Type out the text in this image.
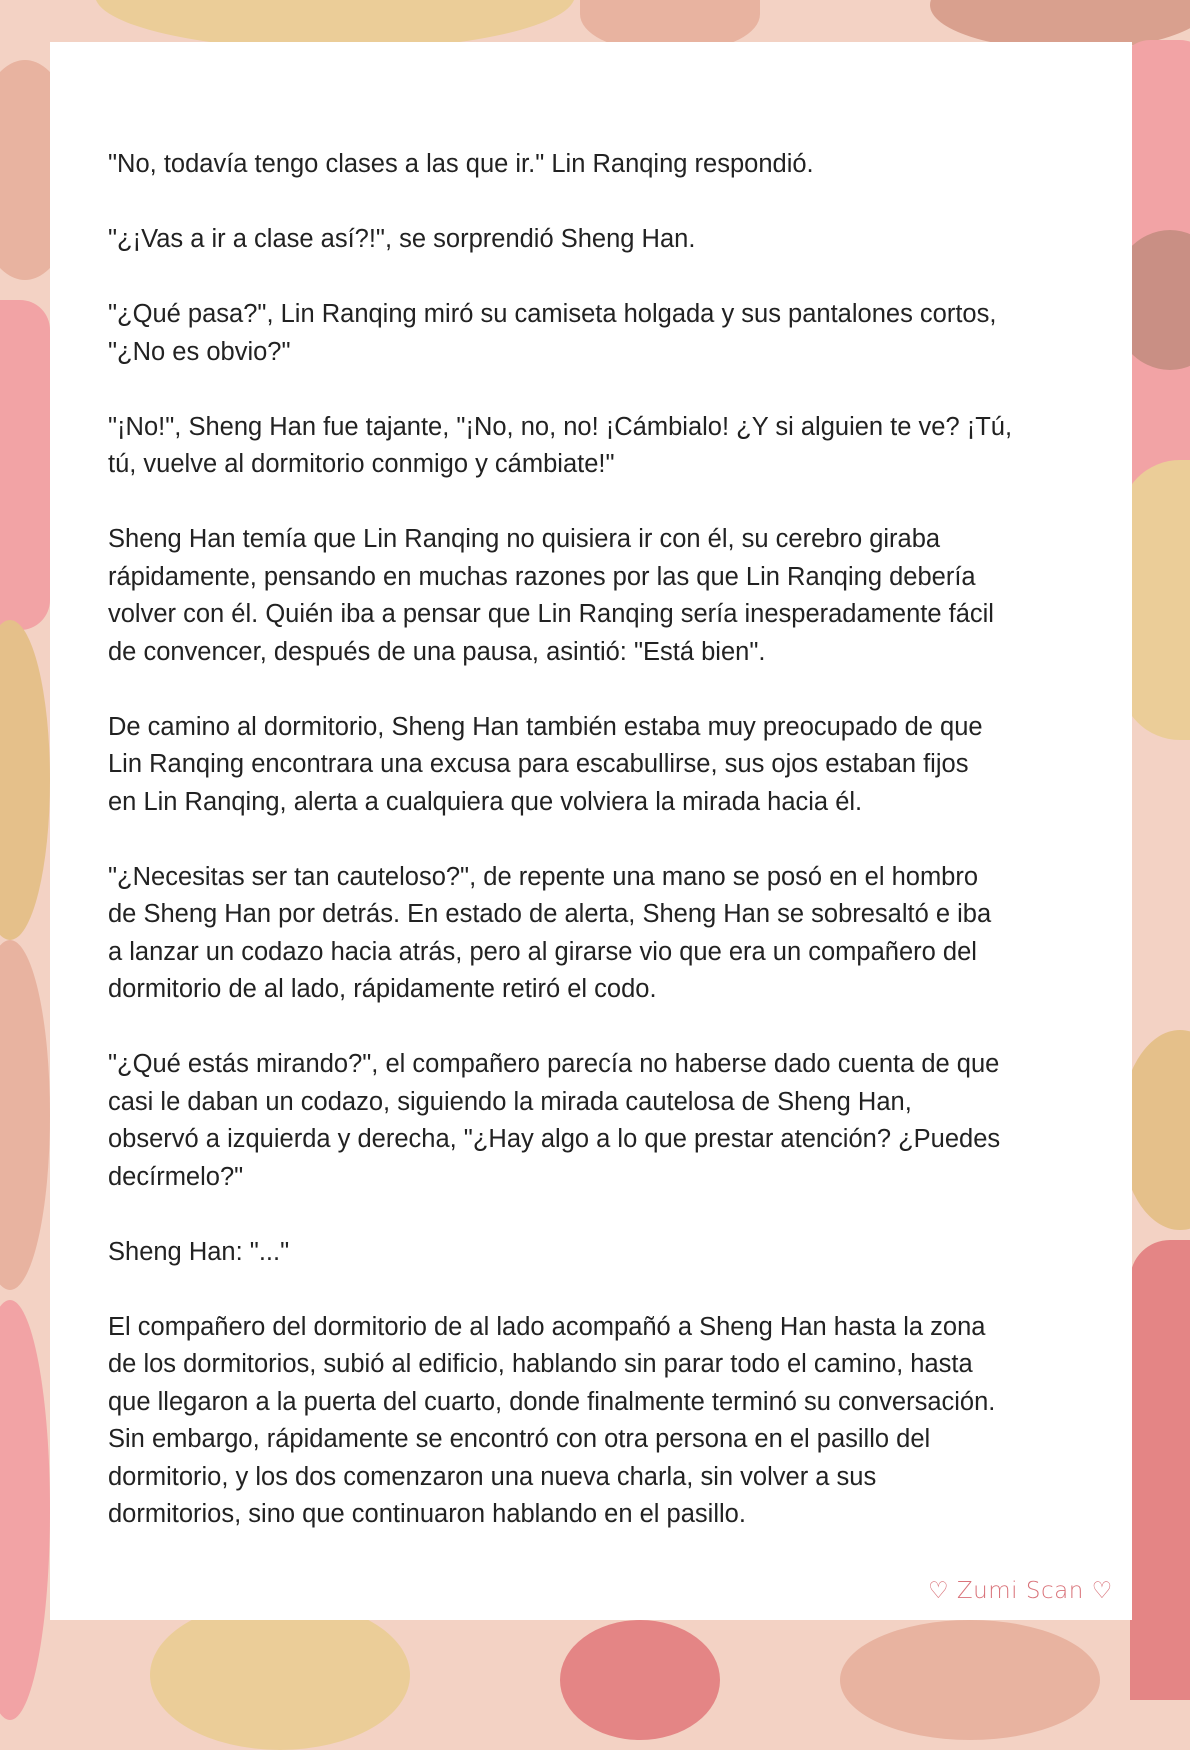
"No, todavía tengo clases a las que ir." Lin Ranqing respondió.

"¿¡Vas a ir a clase así?!", se sorprendió Sheng Han.

"¿Qué pasa?", Lin Ranqing miró su camiseta holgada y sus pantalones cortos,
"¿No es obvio?"

"¡No!", Sheng Han fue tajante, "¡No, no, no! ¡Cámbialo! ¿Y si alguien te ve? ¡Tú,
tú, vuelve al dormitorio conmigo y cámbiate!"

Sheng Han temía que Lin Ranqing no quisiera ir con él, su cerebro giraba
rápidamente, pensando en muchas razones por las que Lin Ranqing debería
volver con él. Quién iba a pensar que Lin Ranqing sería inesperadamente fácil
de convencer, después de una pausa, asintió: "Está bien".

De camino al dormitorio, Sheng Han también estaba muy preocupado de que
Lin Ranqing encontrara una excusa para escabullirse, sus ojos estaban fijos
en Lin Ranqing, alerta a cualquiera que volviera la mirada hacia él.

"¿Necesitas ser tan cauteloso?", de repente una mano se posó en el hombro
de Sheng Han por detrás. En estado de alerta, Sheng Han se sobresaltó e iba
a lanzar un codazo hacia atrás, pero al girarse vio que era un compañero del
dormitorio de al lado, rápidamente retiró el codo.

"¿Qué estás mirando?", el compañero parecía no haberse dado cuenta de que
casi le daban un codazo, siguiendo la mirada cautelosa de Sheng Han,
observó a izquierda y derecha, "¿Hay algo a lo que prestar atención? ¿Puedes
decírmelo?"

Sheng Han: "..."

El compañero del dormitorio de al lado acompañó a Sheng Han hasta la zona
de los dormitorios, subió al edificio, hablando sin parar todo el camino, hasta
que llegaron a la puerta del cuarto, donde finalmente terminó su conversación.
Sin embargo, rápidamente se encontró con otra persona en el pasillo del
dormitorio, y los dos comenzaron una nueva charla, sin volver a sus
dormitorios, sino que continuaron hablando en el pasillo.

♡ Zumi Scan ♡
